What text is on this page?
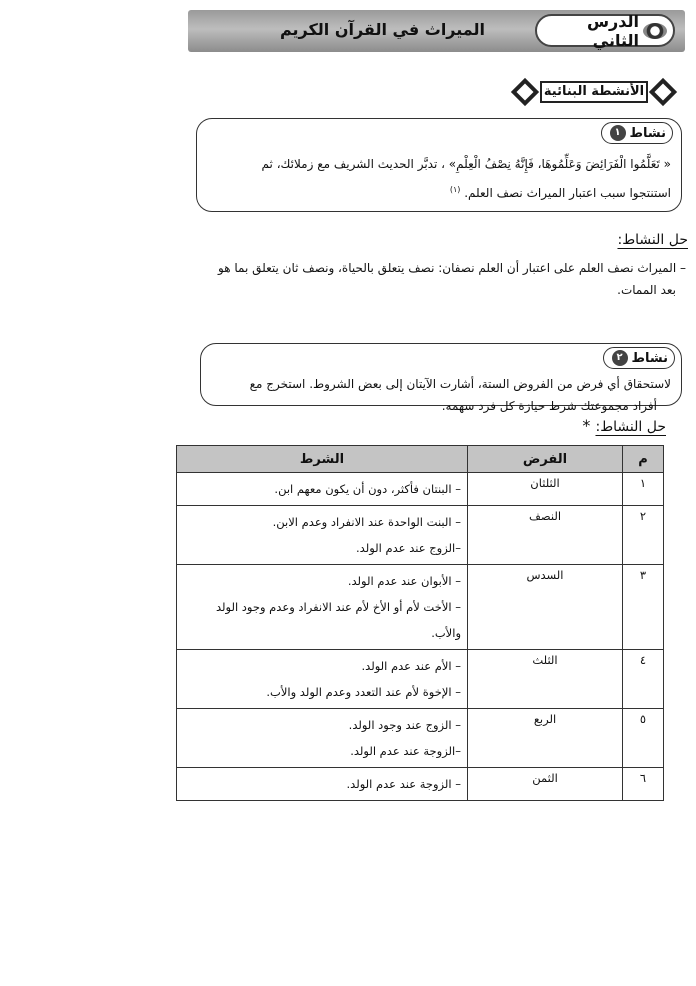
الميراث في القرآن الكريم	الدرس الثاني
الأنشطة البنائية
نشاط
١
« تَعَلَّمُوا الْفَرَائِضَ وَعَلِّمُوهَا، فَإِنَّهُ نِصْفُ الْعِلْمِ» ، تدبَّر الحديث الشريف مع زملائك، ثم
استنتجوا سبب اعتبار الميراث نصف العلم. $^{(١)}$
حل النشاط:
– الميراث نصف العلم على اعتبار أن العلم نصفان: نصف يتعلق بالحياة، ونصف ثان يتعلق بما هو
بعد الممات.
نشاط
٢
لاستحقاق أي فرض من الفروض الستة، أشارت الآيتان إلى بعض الشروط. استخرج مع
أفراد مجموعتك شرط حيازة كل فرد سهمه.
حل النشاط: *
م	الفرض	الشرط
١	الثلثان	– البنتان فأكثر، دون أن يكون معهم ابن.

٢	النصف	– البنت الواحدة عند الانفراد وعدم الابن.
–الزوج عند عدم الولد.

٣	السدس	– الأبوان عند عدم الولد.
– الأخت لأم أو الأخ لأم عند الانفراد وعدم وجود الولد والأب.

٤	الثلث	– الأم عند عدم الولد.
– الإخوة لأم عند التعدد وعدم الولد والأب.

٥	الربع	– الزوج عند وجود الولد.
–الزوجة عند عدم الولد.

٦	الثمن	– الزوجة عند عدم الولد.
